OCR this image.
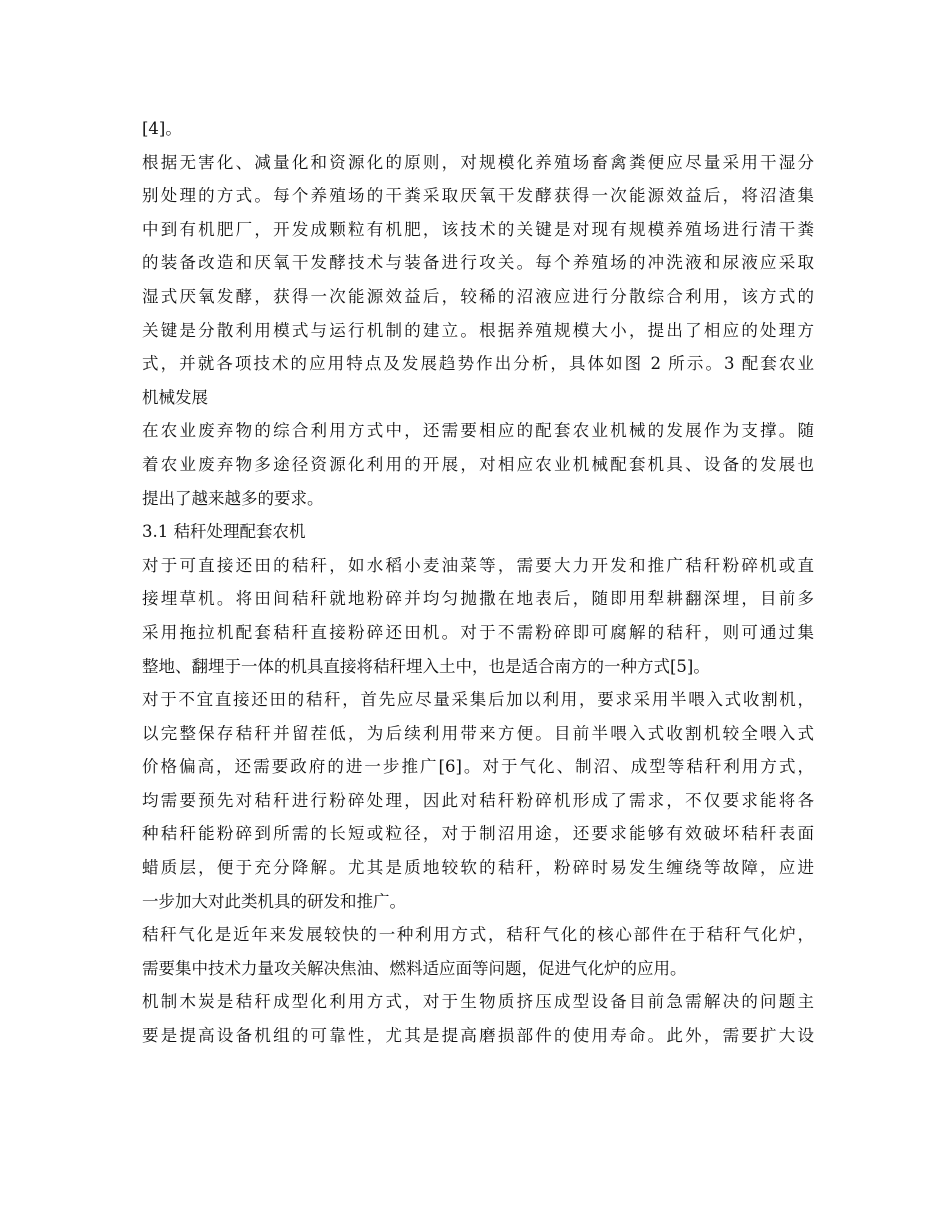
[4]。
根据无害化、减量化和资源化的原则，对规模化养殖场畜禽粪便应尽量采用干湿分
别处理的方式。每个养殖场的干粪采取厌氧干发酵获得一次能源效益后，将沼渣集
中到有机肥厂，开发成颗粒有机肥，该技术的关键是对现有规模养殖场进行清干粪
的装备改造和厌氧干发酵技术与装备进行攻关。每个养殖场的冲洗液和尿液应采取
湿式厌氧发酵，获得一次能源效益后，较稀的沼液应进行分散综合利用，该方式的
关键是分散利用模式与运行机制的建立。根据养殖规模大小，提出了相应的处理方
式，并就各项技术的应用特点及发展趋势作出分析，具体如图 2 所示。3 配套农业
机械发展
在农业废弃物的综合利用方式中，还需要相应的配套农业机械的发展作为支撑。随
着农业废弃物多途径资源化利用的开展，对相应农业机械配套机具、设备的发展也
提出了越来越多的要求。
3.1 秸秆处理配套农机
对于可直接还田的秸秆，如水稻小麦油菜等，需要大力开发和推广秸秆粉碎机或直
接埋草机。将田间秸秆就地粉碎并均匀抛撒在地表后，随即用犁耕翻深埋，目前多
采用拖拉机配套秸秆直接粉碎还田机。对于不需粉碎即可腐解的秸秆，则可通过集
整地、翻埋于一体的机具直接将秸秆埋入土中，也是适合南方的一种方式[5]。
对于不宜直接还田的秸秆，首先应尽量采集后加以利用，要求采用半喂入式收割机，
以完整保存秸秆并留茬低，为后续利用带来方便。目前半喂入式收割机较全喂入式
价格偏高，还需要政府的进一步推广[6]。对于气化、制沼、成型等秸秆利用方式，
均需要预先对秸秆进行粉碎处理，因此对秸秆粉碎机形成了需求，不仅要求能将各
种秸秆能粉碎到所需的长短或粒径，对于制沼用途，还要求能够有效破坏秸秆表面
蜡质层，便于充分降解。尤其是质地较软的秸秆，粉碎时易发生缠绕等故障，应进
一步加大对此类机具的研发和推广。
秸秆气化是近年来发展较快的一种利用方式，秸秆气化的核心部件在于秸秆气化炉，
需要集中技术力量攻关解决焦油、燃料适应面等问题，促进气化炉的应用。
机制木炭是秸秆成型化利用方式，对于生物质挤压成型设备目前急需解决的问题主
要是提高设备机组的可靠性，尤其是提高磨损部件的使用寿命。此外，需要扩大设
